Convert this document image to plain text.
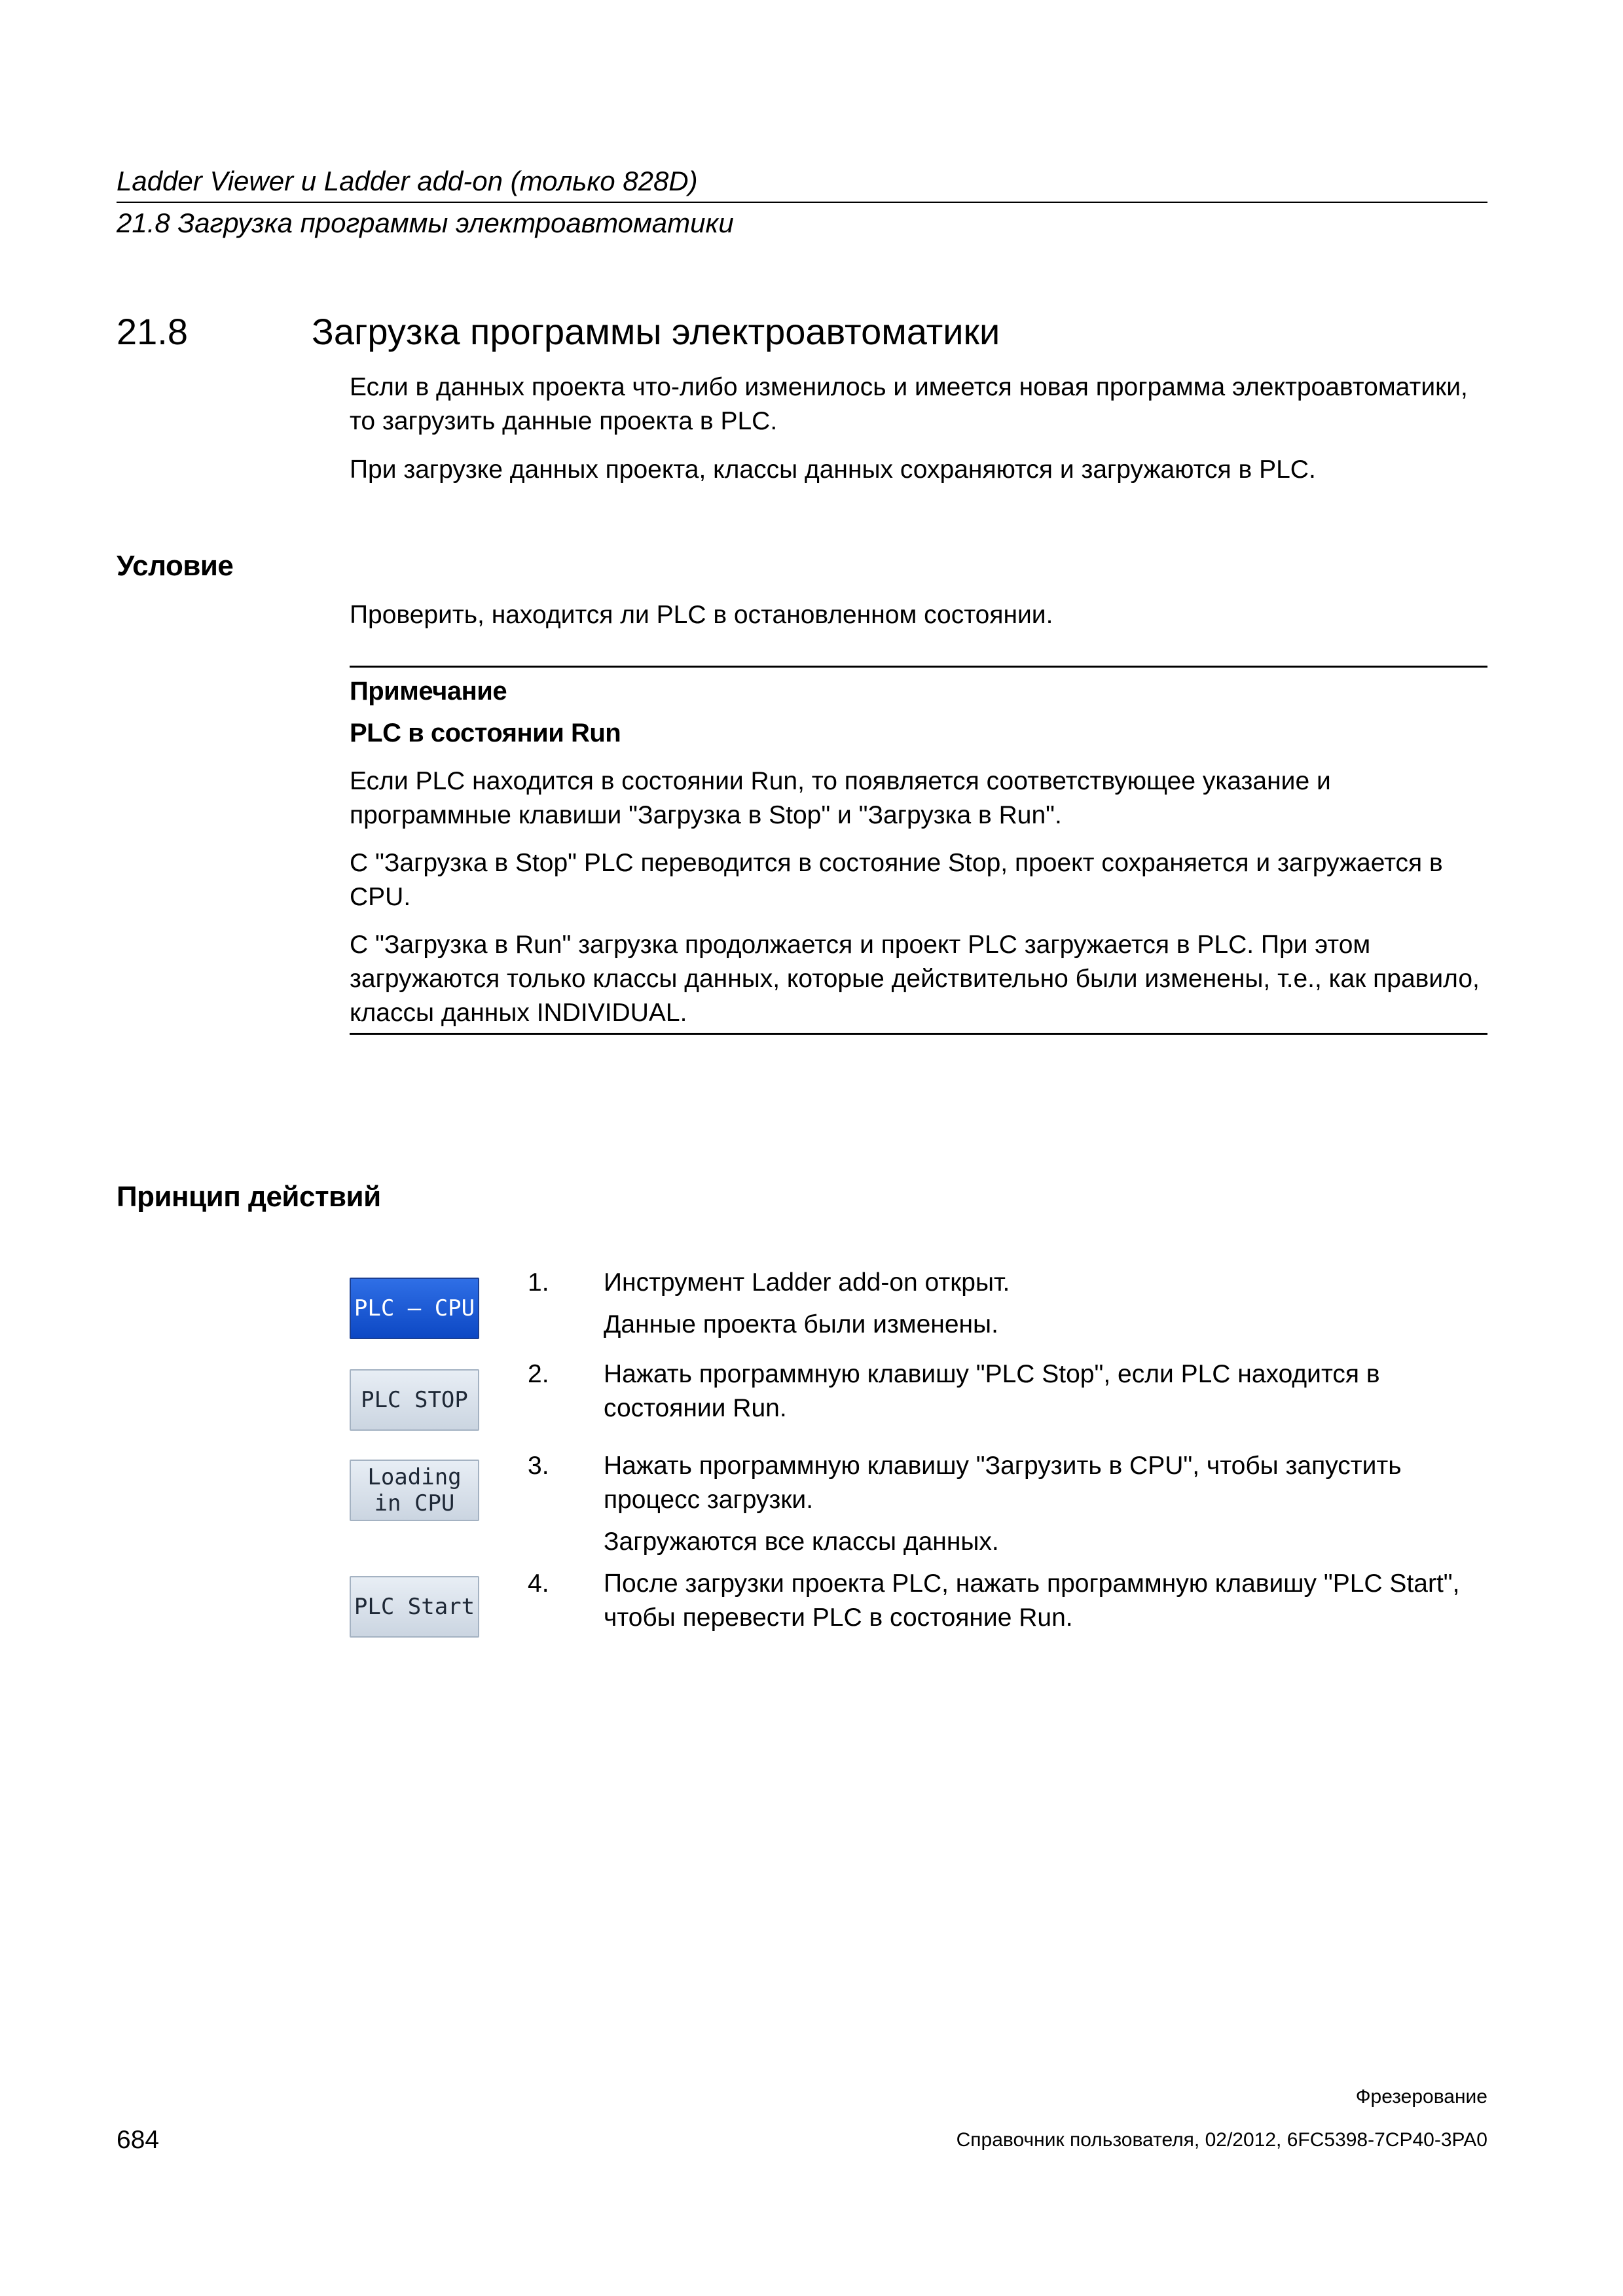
Ladder Viewer и Ladder add-on (только 828D)
21.8 Загрузка программы электроавтоматики
21.8	Загрузка программы электроавтоматики
Если в данных проекта что-либо изменилось и имеется новая программа электроавтоматики, то загрузить данные проекта в PLC.
При загрузке данных проекта, классы данных сохраняются и загружаются в PLC.
Условие
Проверить, находится ли PLC в остановленном состоянии.
Примечание
PLC в состоянии Run
Если PLC находится в состоянии Run, то появляется соответствующее указание и программные клавиши "Загрузка в Stop" и "Загрузка в Run".
С "Загрузка в Stop" PLC переводится в состояние Stop, проект сохраняется и загружается в CPU.
С "Загрузка в Run" загрузка продолжается и проект PLC загружается в PLC. При этом загружаются только классы данных, которые действительно были изменены, т.е., как правило, классы данных INDIVIDUAL.
Принцип действий
PLC – CPU
PLC STOP
Loading
in CPU
PLC Start
1.	Инструмент Ladder add-on открыт.
Данные проекта были изменены.
2.	Нажать программную клавишу "PLC Stop", если PLC находится в состоянии Run.
3.	Нажать программную клавишу "Загрузить в CPU", чтобы запустить процесс загрузки.
Загружаются все классы данных.
4.	После загрузки проекта PLC, нажать программную клавишу "PLC Start", чтобы перевести PLC в состояние Run.
Фрезерование
Справочник пользователя, 02/2012, 6FC5398-7CP40-3PA0
684
